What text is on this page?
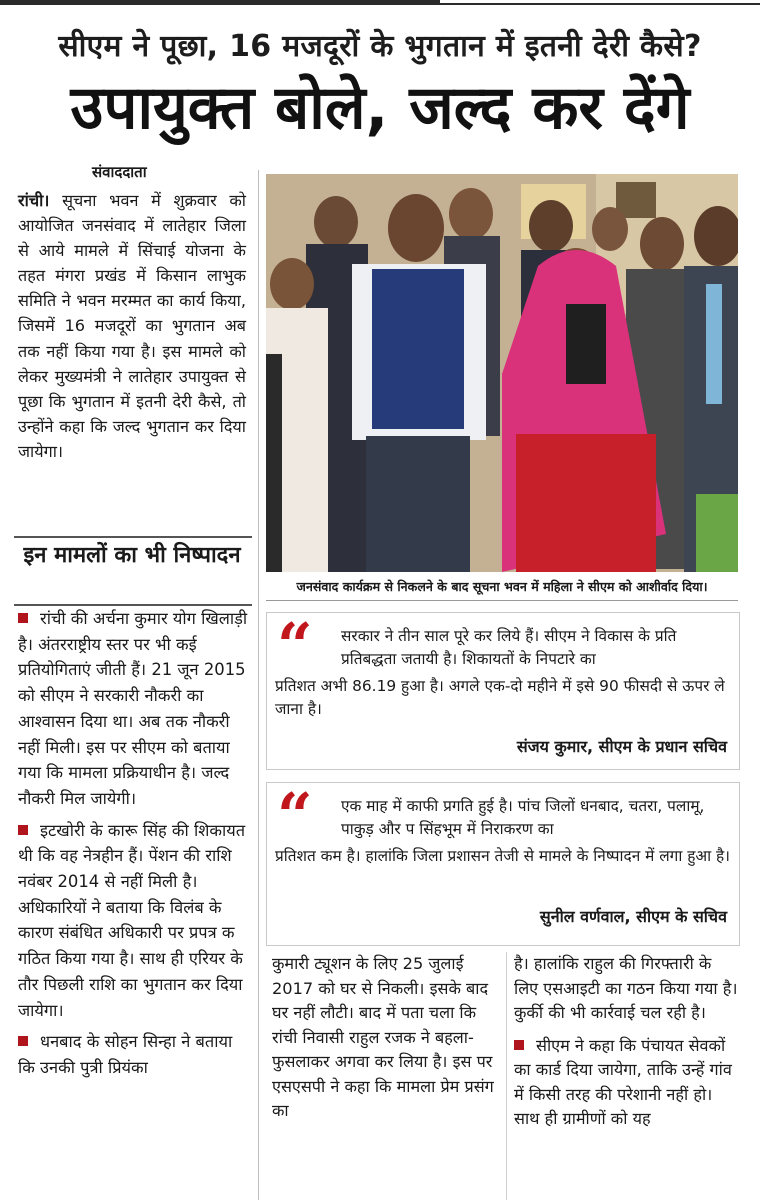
सीएम ने पूछा, 16 मजदूरों के भुगतान में इतनी देरी कैसे?
उपायुक्त बोले, जल्द कर देंगे
संवाददाता
रांची। सूचना भवन में शुक्रवार को आयोजित जनसंवाद में लातेहार जिला से आये मामले में सिंचाई योजना के तहत मंगरा प्रखंड में किसान लाभुक समिति ने भवन मरम्मत का कार्य किया, जिसमें 16 मजदूरों का भुगतान अब तक नहीं किया गया है। इस मामले को लेकर मुख्यमंत्री ने लातेहार उपायुक्त से पूछा कि भुगतान में इतनी देरी कैसे, तो उन्होंने कहा कि जल्द भुगतान कर दिया जायेगा।
इन मामलों का भी निष्पादन

रांची की अर्चना कुमार योग खिलाड़ी है। अंतरराष्ट्रीय स्तर पर भी कई प्रतियोगिताएं जीती हैं। 21 जून 2015 को सीएम ने सरकारी नौकरी का आश्वासन दिया था। अब तक नौकरी नहीं मिली। इस पर सीएम को बताया गया कि मामला प्रक्रियाधीन है। जल्द नौकरी मिल जायेगी।

इटखोरी के कारू सिंह की शिकायत थी कि वह नेत्रहीन हैं। पेंशन की राशि नवंबर 2014 से नहीं मिली है। अधिकारियों ने बताया कि विलंब के कारण संबंधित अधिकारी पर प्रपत्र क गठित किया गया है। साथ ही एरियर के तौर पिछली राशि का भुगतान कर दिया जायेगा।

धनबाद के सोहन सिन्हा ने बताया कि उनकी पुत्री प्रियंका

जनसंवाद कार्यक्रम से निकलने के बाद सूचना भवन में महिला ने सीएम को आशीर्वाद दिया।
“ सरकार ने तीन साल पूरे कर लिये हैं। सीएम ने विकास के प्रति प्रतिबद्धता जतायी है। शिकायतों के निपटारे का
प्रतिशत अभी 86.19 हुआ है। अगले एक-दो महीने में इसे 90 फीसदी से ऊपर ले जाना है।
संजय कुमार, सीएम के प्रधान सचिव
“ एक माह में काफी प्रगति हुई है। पांच जिलों धनबाद, चतरा, पलामू, पाकुड़ और प सिंहभूम में निराकरण का
प्रतिशत कम है। हालांकि जिला प्रशासन तेजी से मामले के निष्पादन में लगा हुआ है।
सुनील वर्णवाल, सीएम के सचिव
कुमारी ट्यूशन के लिए 25 जुलाई 2017 को घर से निकली। इसके बाद घर नहीं लौटी। बाद में पता चला कि रांची निवासी राहुल रजक ने बहला-फुसलाकर अगवा कर लिया है। इस पर एसएसपी ने कहा कि मामला प्रेम प्रसंग का

है। हालांकि राहुल की गिरफ्तारी के लिए एसआइटी का गठन किया गया है। कुर्की की भी कार्रवाई चल रही है।

सीएम ने कहा कि पंचायत सेवकों का कार्ड दिया जायेगा, ताकि उन्हें गांव में किसी तरह की परेशानी नहीं हो। साथ ही ग्रामीणों को यह
